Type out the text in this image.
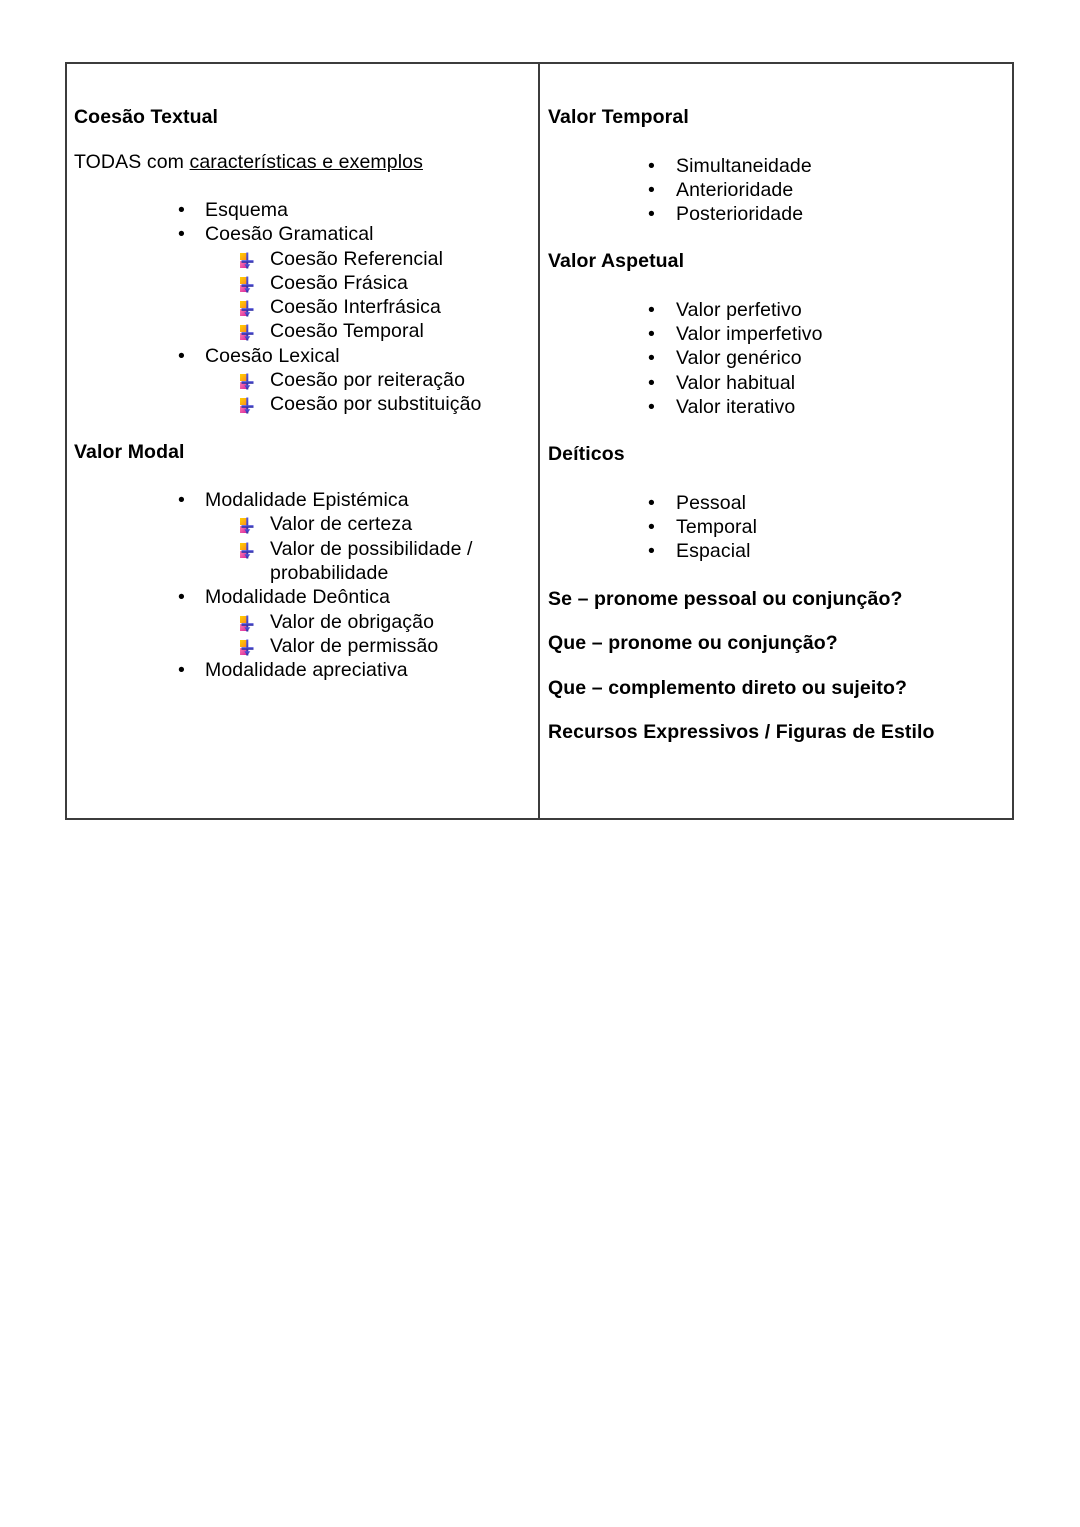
Coesão Textual
TODAS com características e exemplos
• Esquema
• Coesão Gramatical
Coesão Referencial
Coesão Frásica
Coesão Interfrásica
Coesão Temporal
• Coesão Lexical
Coesão por reiteração
Coesão por substituição
Valor Modal
• Modalidade Epistémica
Valor de certeza
Valor de possibilidade / probabilidade
• Modalidade Deôntica
Valor de obrigação
Valor de permissão
• Modalidade apreciativa
Valor Temporal
• Simultaneidade
• Anterioridade
• Posterioridade
Valor Aspetual
• Valor perfetivo
• Valor imperfetivo
• Valor genérico
• Valor habitual
• Valor iterativo
Deíticos
• Pessoal
• Temporal
• Espacial
Se – pronome pessoal ou conjunção?
Que – pronome ou conjunção?
Que – complemento direto ou sujeito?
Recursos Expressivos / Figuras de Estilo
